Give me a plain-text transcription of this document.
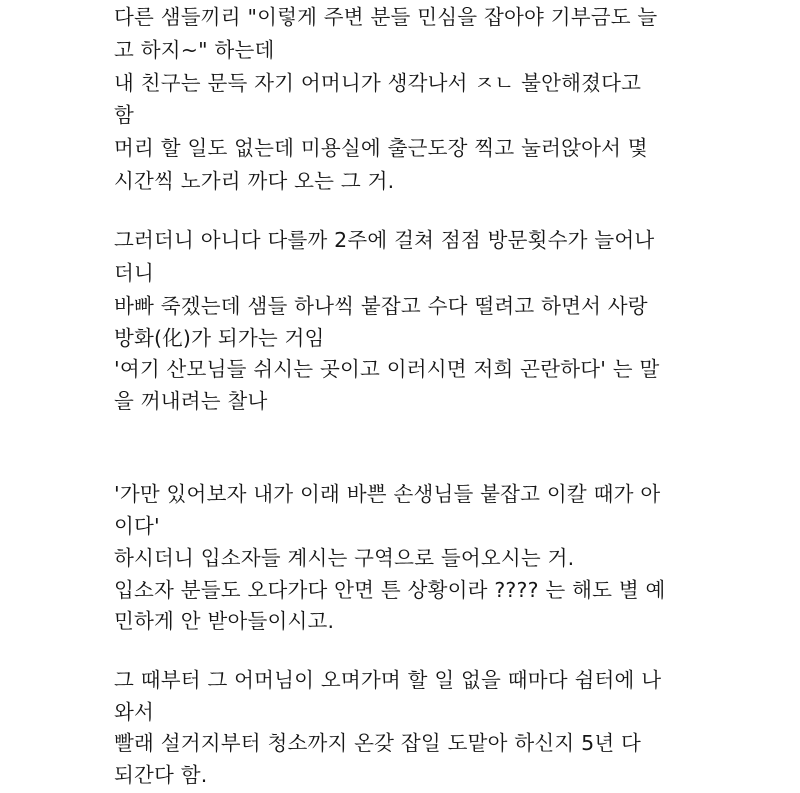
다른 샘들끼리 "이렇게 주변 분들 민심을 잡아야 기부금도 늘
고 하지~" 하는데
내 친구는 문득 자기 어머니가 생각나서 ㅈㄴ 불안해졌다고
함
머리 할 일도 없는데 미용실에 출근도장 찍고 눌러앉아서 몇
시간씩 노가리 까다 오는 그 거.
그러더니 아니다 다를까 2주에 걸쳐 점점 방문횟수가 늘어나
더니
바빠 죽겠는데 샘들 하나씩 붙잡고 수다 떨려고 하면서 사랑
방화(化)가 되가는 거임
'여기 산모님들 쉬시는 곳이고 이러시면 저희 곤란하다' 는 말
을 꺼내려는 찰나
'가만 있어보자 내가 이래 바쁜 손생님들 붙잡고 이칼 때가 아
이다'
하시더니 입소자들 계시는 구역으로 들어오시는 거.
입소자 분들도 오다가다 안면 튼 상황이라 ???? 는 해도 별 예
민하게 안 받아들이시고.
그 때부터 그 어머님이 오며가며 할 일 없을 때마다 쉼터에 나
와서
빨래 설거지부터 청소까지 온갖 잡일 도맡아 하신지 5년 다
되간다 함.
